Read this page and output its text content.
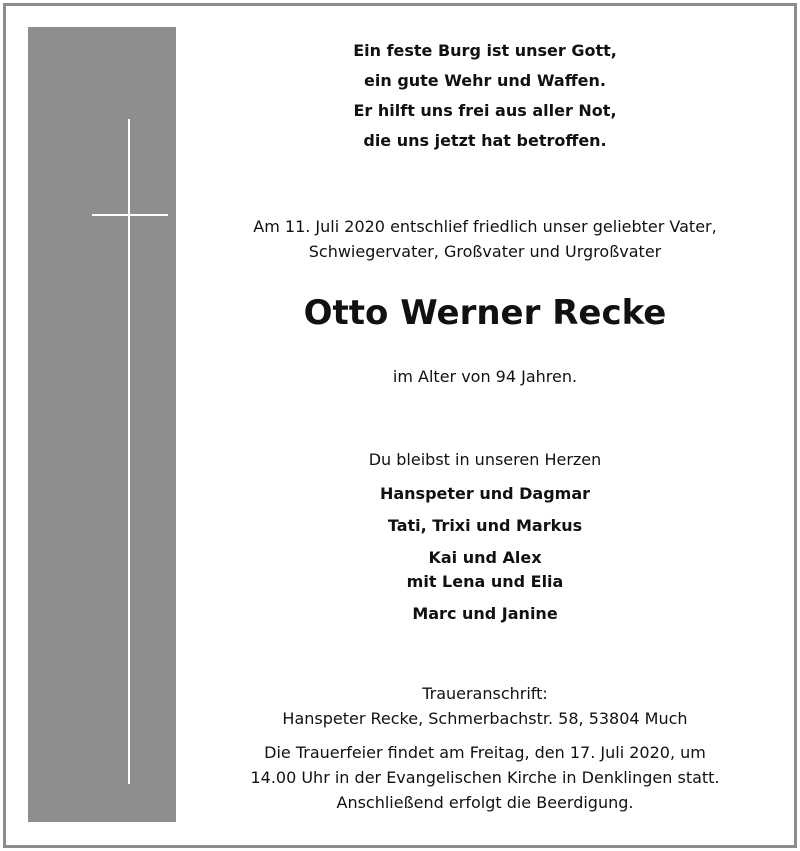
Ein feste Burg ist unser Gott,
ein gute Wehr und Waffen.
Er hilft uns frei aus aller Not,
die uns jetzt hat betroffen.
Am 11. Juli 2020 entschlief friedlich unser geliebter Vater,
Schwiegervater, Großvater und Urgroßvater
Otto Werner Recke
im Alter von 94 Jahren.
Du bleibst in unseren Herzen
Hanspeter und Dagmar
Tati, Trixi und Markus
Kai und Alex
mit Lena und Elia
Marc und Janine
Traueranschrift:
Hanspeter Recke, Schmerbachstr. 58, 53804 Much
Die Trauerfeier findet am Freitag, den 17. Juli 2020, um
14.00 Uhr in der Evangelischen Kirche in Denklingen statt.
Anschließend erfolgt die Beerdigung.
